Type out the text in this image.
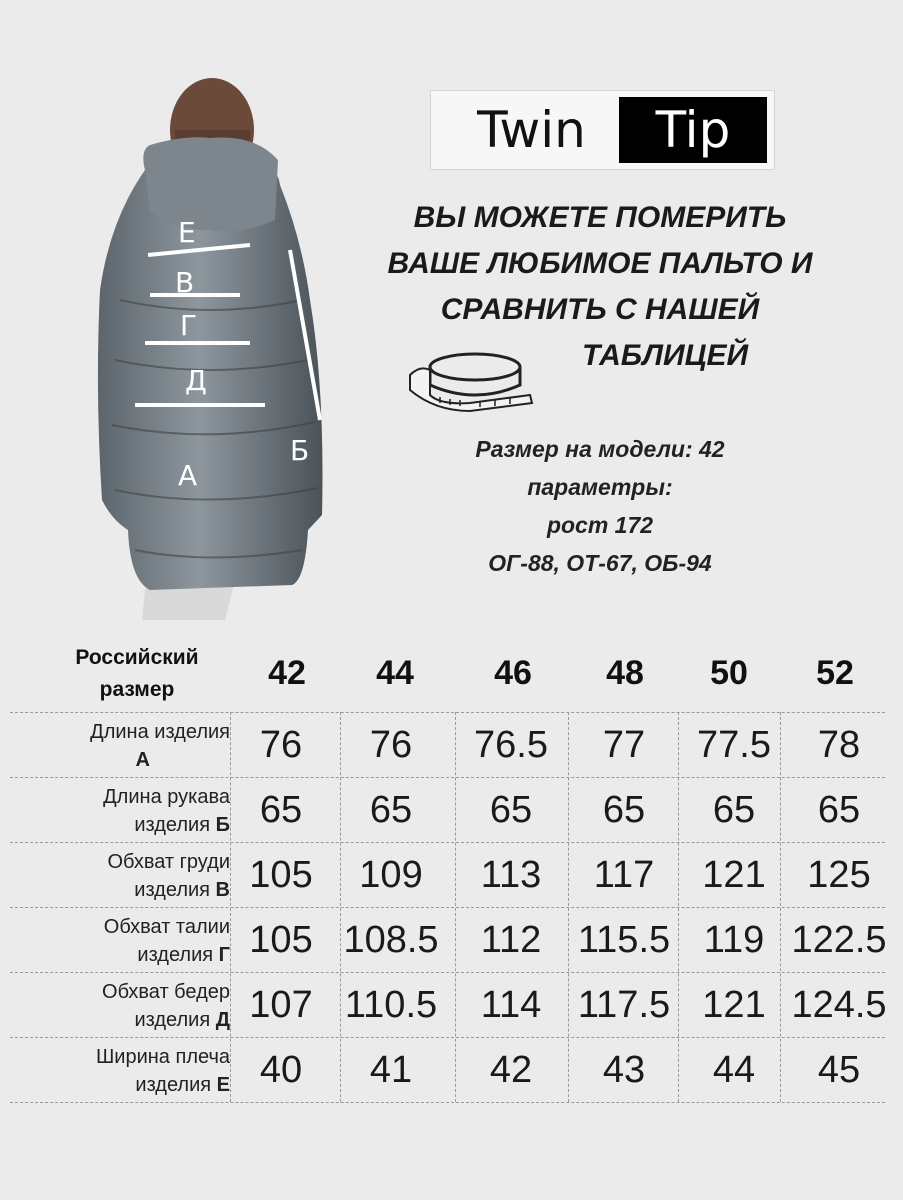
Е
В
Г
Д
А
Б
Twin	Tip
ВЫ МОЖЕТЕ ПОМЕРИТЬ
ВАШЕ ЛЮБИМОЕ ПАЛЬТО И
СРАВНИТЬ С НАШЕЙ
ТАБЛИЦЕЙ
Размер на модели: 42
параметры:
рост 172
ОГ-88, ОТ-67, ОБ-94
Российский
размер	42	44	46	48	50	52
Длина изделия
А	76	76	76.5	77	77.5	78
Длина рукава
изделия Б 65	65	65	65	65	65
Обхват груди
изделия В 105	109	113	117	121	125
Обхват талии
изделия Г 105 108.5	112 115.5 119 122.5
Обхват бедер
изделия Д 107 110.5	114 117.5 121 124.5
Ширина плеча
изделия Е 40	41	42	43	44	45
